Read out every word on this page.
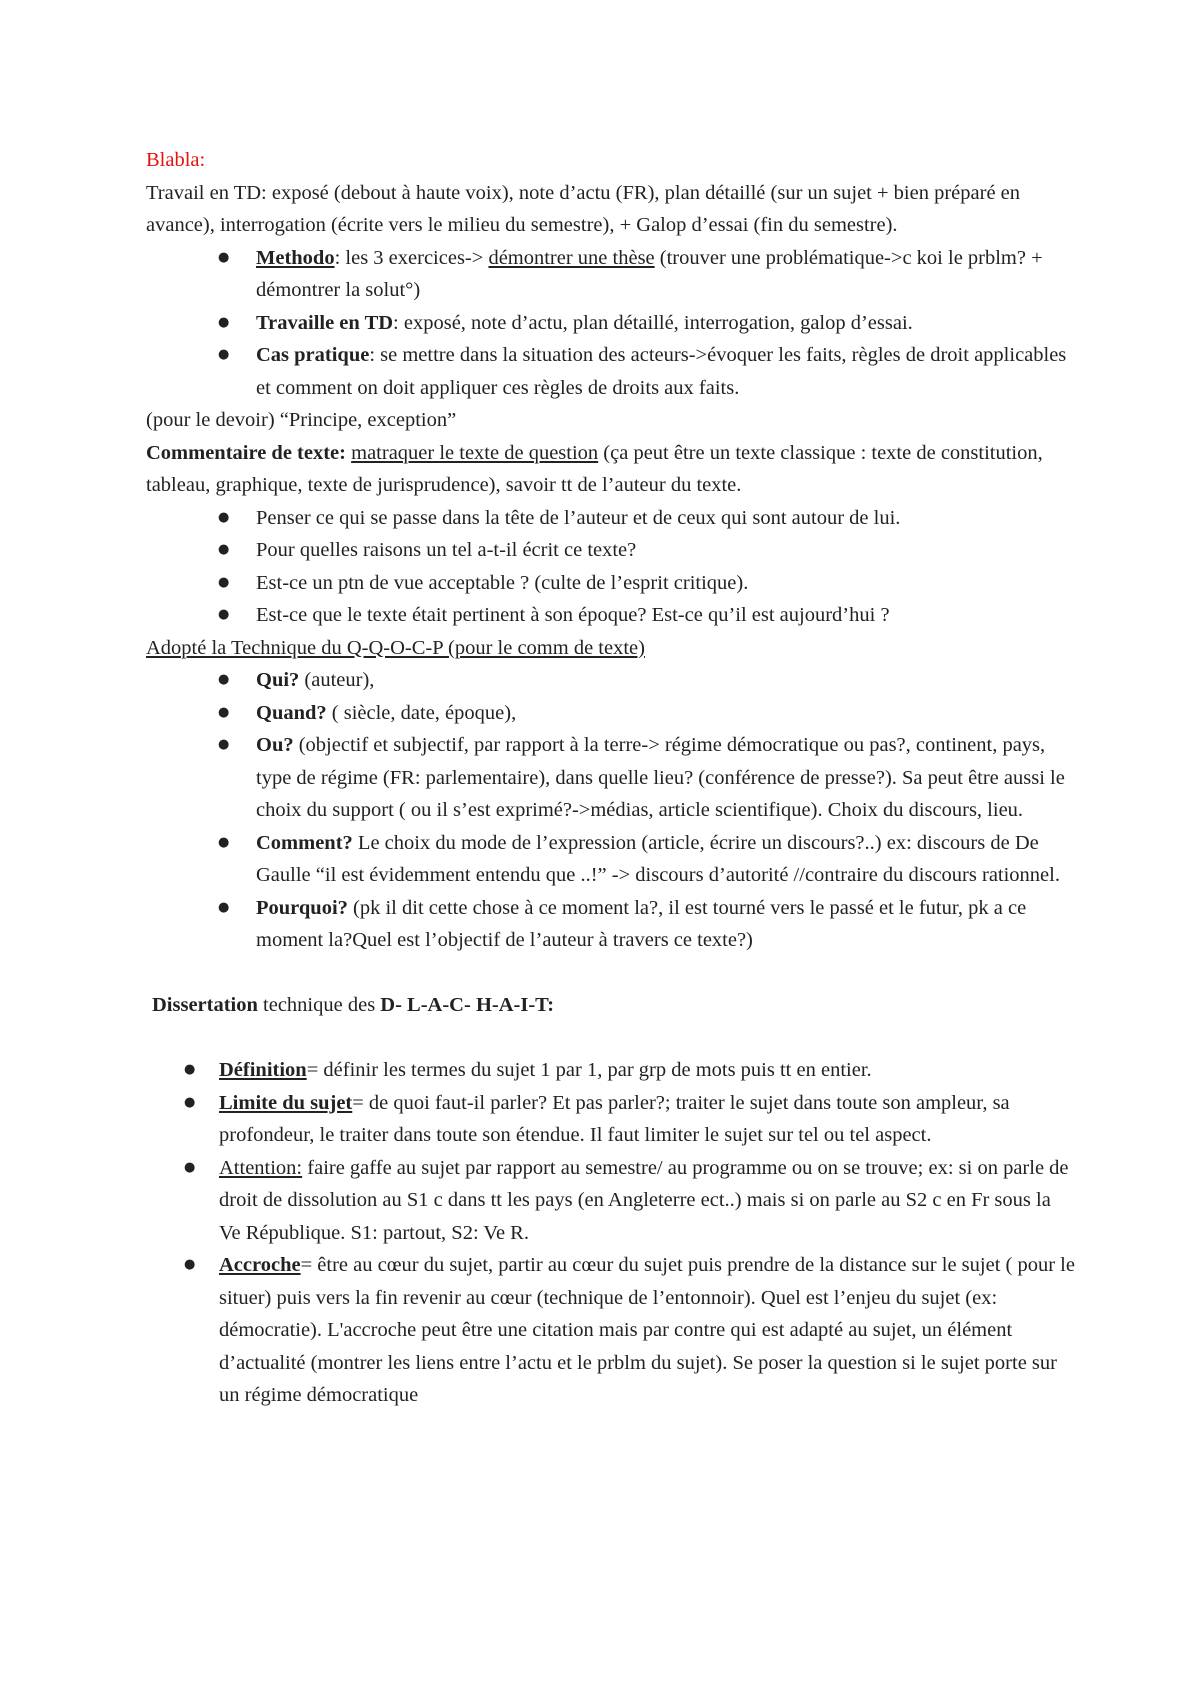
Blabla:

Travail en TD: exposé (debout à haute voix), note d’actu (FR), plan détaillé (sur un sujet + bien préparé en avance), interrogation (écrite vers le milieu du semestre), + Galop d’essai (fin du semestre).

● Methodo: les 3 exercices-> démontrer une thèse (trouver une problématique->c koi le prblm? + démontrer la solut°)
● Travaille en TD: exposé, note d’actu, plan détaillé, interrogation, galop d’essai.
● Cas pratique: se mettre dans la situation des acteurs->évoquer les faits, règles de droit applicables et comment on doit appliquer ces règles de droits aux faits.

(pour le devoir) “Principe, exception”

Commentaire de texte: matraquer le texte de question (ça peut être un texte classique : texte de constitution, tableau, graphique, texte de jurisprudence), savoir tt de l’auteur du texte.

● Penser ce qui se passe dans la tête de l’auteur et de ceux qui sont autour de lui.
● Pour quelles raisons un tel a-t-il écrit ce texte?
● Est-ce un ptn de vue acceptable ? (culte de l’esprit critique).
● Est-ce que le texte était pertinent à son époque? Est-ce qu’il est aujourd’hui ?

Adopté la Technique du Q-Q-O-C-P (pour le comm de texte)

● Qui? (auteur),
● Quand? ( siècle, date, époque),
● Ou? (objectif et subjectif, par rapport à la terre-> régime démocratique ou pas?, continent, pays, type de régime (FR: parlementaire), dans quelle lieu? (conférence de presse?). Sa peut être aussi le choix du support ( ou il s’est exprimé?->médias, article scientifique). Choix du discours, lieu.
● Comment? Le choix du mode de l’expression (article, écrire un discours?..) ex: discours de De Gaulle “il est évidemment entendu que ..!” -> discours d’autorité //contraire du discours rationnel.
● Pourquoi? (pk il dit cette chose à ce moment la?, il est tourné vers le passé et le futur, pk a ce moment la?Quel est l’objectif de l’auteur à travers ce texte?)

Dissertation technique des D- L-A-C- H-A-I-T:

● Définition= définir les termes du sujet 1 par 1, par grp de mots puis tt en entier.
● Limite du sujet= de quoi faut-il parler? Et pas parler?; traiter le sujet dans toute son ampleur, sa profondeur, le traiter dans toute son étendue. Il faut limiter le sujet sur tel ou tel aspect.
● Attention: faire gaffe au sujet par rapport au semestre/ au programme ou on se trouve; ex: si on parle de droit de dissolution au S1 c dans tt les pays (en Angleterre ect..) mais si on parle au S2 c en Fr sous la Ve République. S1: partout, S2: Ve R.
● Accroche= être au cœur du sujet, partir au cœur du sujet puis prendre de la distance sur le sujet ( pour le situer) puis vers la fin revenir au cœur (technique de l’entonnoir). Quel est l’enjeu du sujet (ex: démocratie). L'accroche peut être une citation mais par contre qui est adapté au sujet, un élément d’actualité (montrer les liens entre l’actu et le prblm du sujet). Se poser la question si le sujet porte sur un régime démocratique
